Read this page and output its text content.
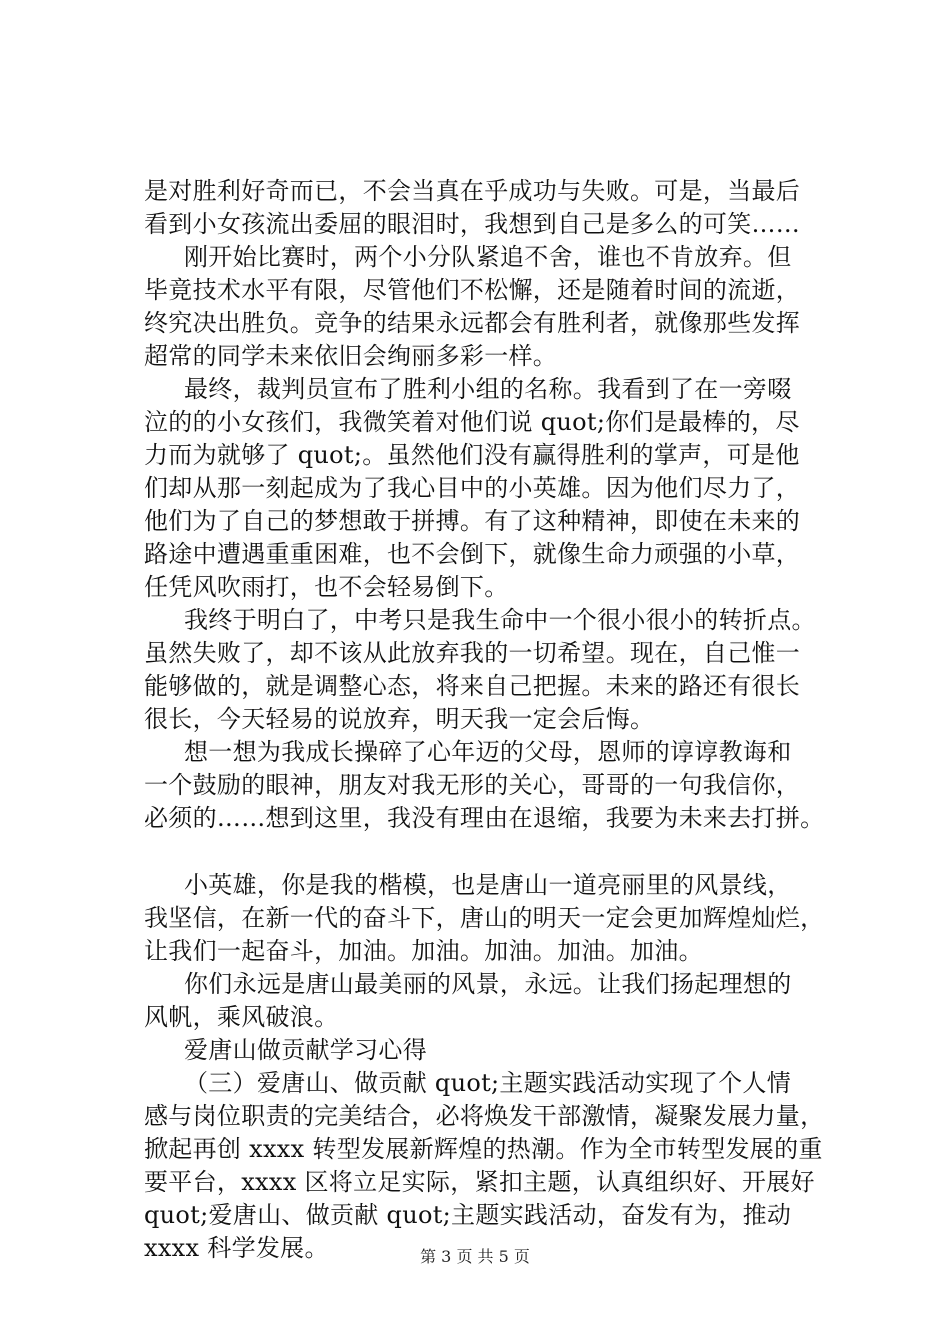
是对胜利好奇而已，不会当真在乎成功与失败。可是，当最后
看到小女孩流出委屈的眼泪时，我想到自己是多么的可笑……
刚开始比赛时，两个小分队紧追不舍，谁也不肯放弃。但
毕竟技术水平有限，尽管他们不松懈，还是随着时间的流逝，
终究决出胜负。竞争的结果永远都会有胜利者，就像那些发挥
超常的同学未来依旧会绚丽多彩一样。
最终，裁判员宣布了胜利小组的名称。我看到了在一旁啜
泣的的小女孩们，我微笑着对他们说 quot;你们是最棒的，尽
力而为就够了 quot;。虽然他们没有赢得胜利的掌声，可是他
们却从那一刻起成为了我心目中的小英雄。因为他们尽力了，
他们为了自己的梦想敢于拼搏。有了这种精神，即使在未来的
路途中遭遇重重困难，也不会倒下，就像生命力顽强的小草，
任凭风吹雨打，也不会轻易倒下。
我终于明白了，中考只是我生命中一个很小很小的转折点。
虽然失败了，却不该从此放弃我的一切希望。现在，自己惟一
能够做的，就是调整心态，将来自己把握。未来的路还有很长
很长，今天轻易的说放弃，明天我一定会后悔。
想一想为我成长操碎了心年迈的父母，恩师的谆谆教诲和
一个鼓励的眼神，朋友对我无形的关心，哥哥的一句我信你，
必须的……想到这里，我没有理由在退缩，我要为未来去打拼。
小英雄，你是我的楷模，也是唐山一道亮丽里的风景线，
我坚信，在新一代的奋斗下，唐山的明天一定会更加辉煌灿烂，
让我们一起奋斗，加油。加油。加油。加油。加油。
你们永远是唐山最美丽的风景，永远。让我们扬起理想的
风帆，乘风破浪。
爱唐山做贡献学习心得
（三）爱唐山、做贡献 quot;主题实践活动实现了个人情
感与岗位职责的完美结合，必将焕发干部激情，凝聚发展力量，
掀起再创 xxxx 转型发展新辉煌的热潮。作为全市转型发展的重
要平台，xxxx 区将立足实际，紧扣主题，认真组织好、开展好
quot;爱唐山、做贡献 quot;主题实践活动，奋发有为，推动
xxxx 科学发展。	第 3 页 共 5 页
